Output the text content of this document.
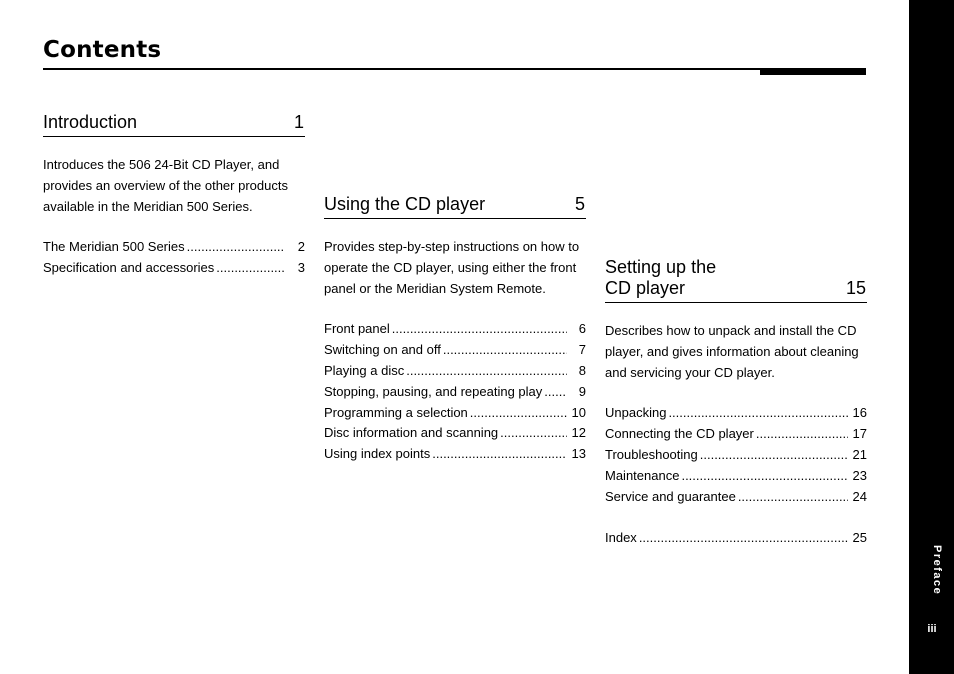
Contents
Introduction	1
Introduces the 506 24-Bit CD Player, and provides an overview of the other products available in the Meridian 500 Series.
The Meridian 500 Series .....	2
Specification and accessories .....	3
Using the CD player	5
Provides step-by-step instructions on how to operate the CD player, using either the front panel or the Meridian System Remote.
Front panel .....	6
Switching on and off .....	7
Playing a disc .....	8
Stopping, pausing, and repeating play .....	9
Programming a selection .....	10
Disc information and scanning .....	12
Using index points .....	13
Setting up the
CD player	15
Describes how to unpack and install the CD player, and gives information about cleaning and servicing your CD player.
Unpacking .....	16
Connecting the CD player .....	17
Troubleshooting .....	21
Maintenance .....	23
Service and guarantee .....	24
Index .....	25
Preface
iii
